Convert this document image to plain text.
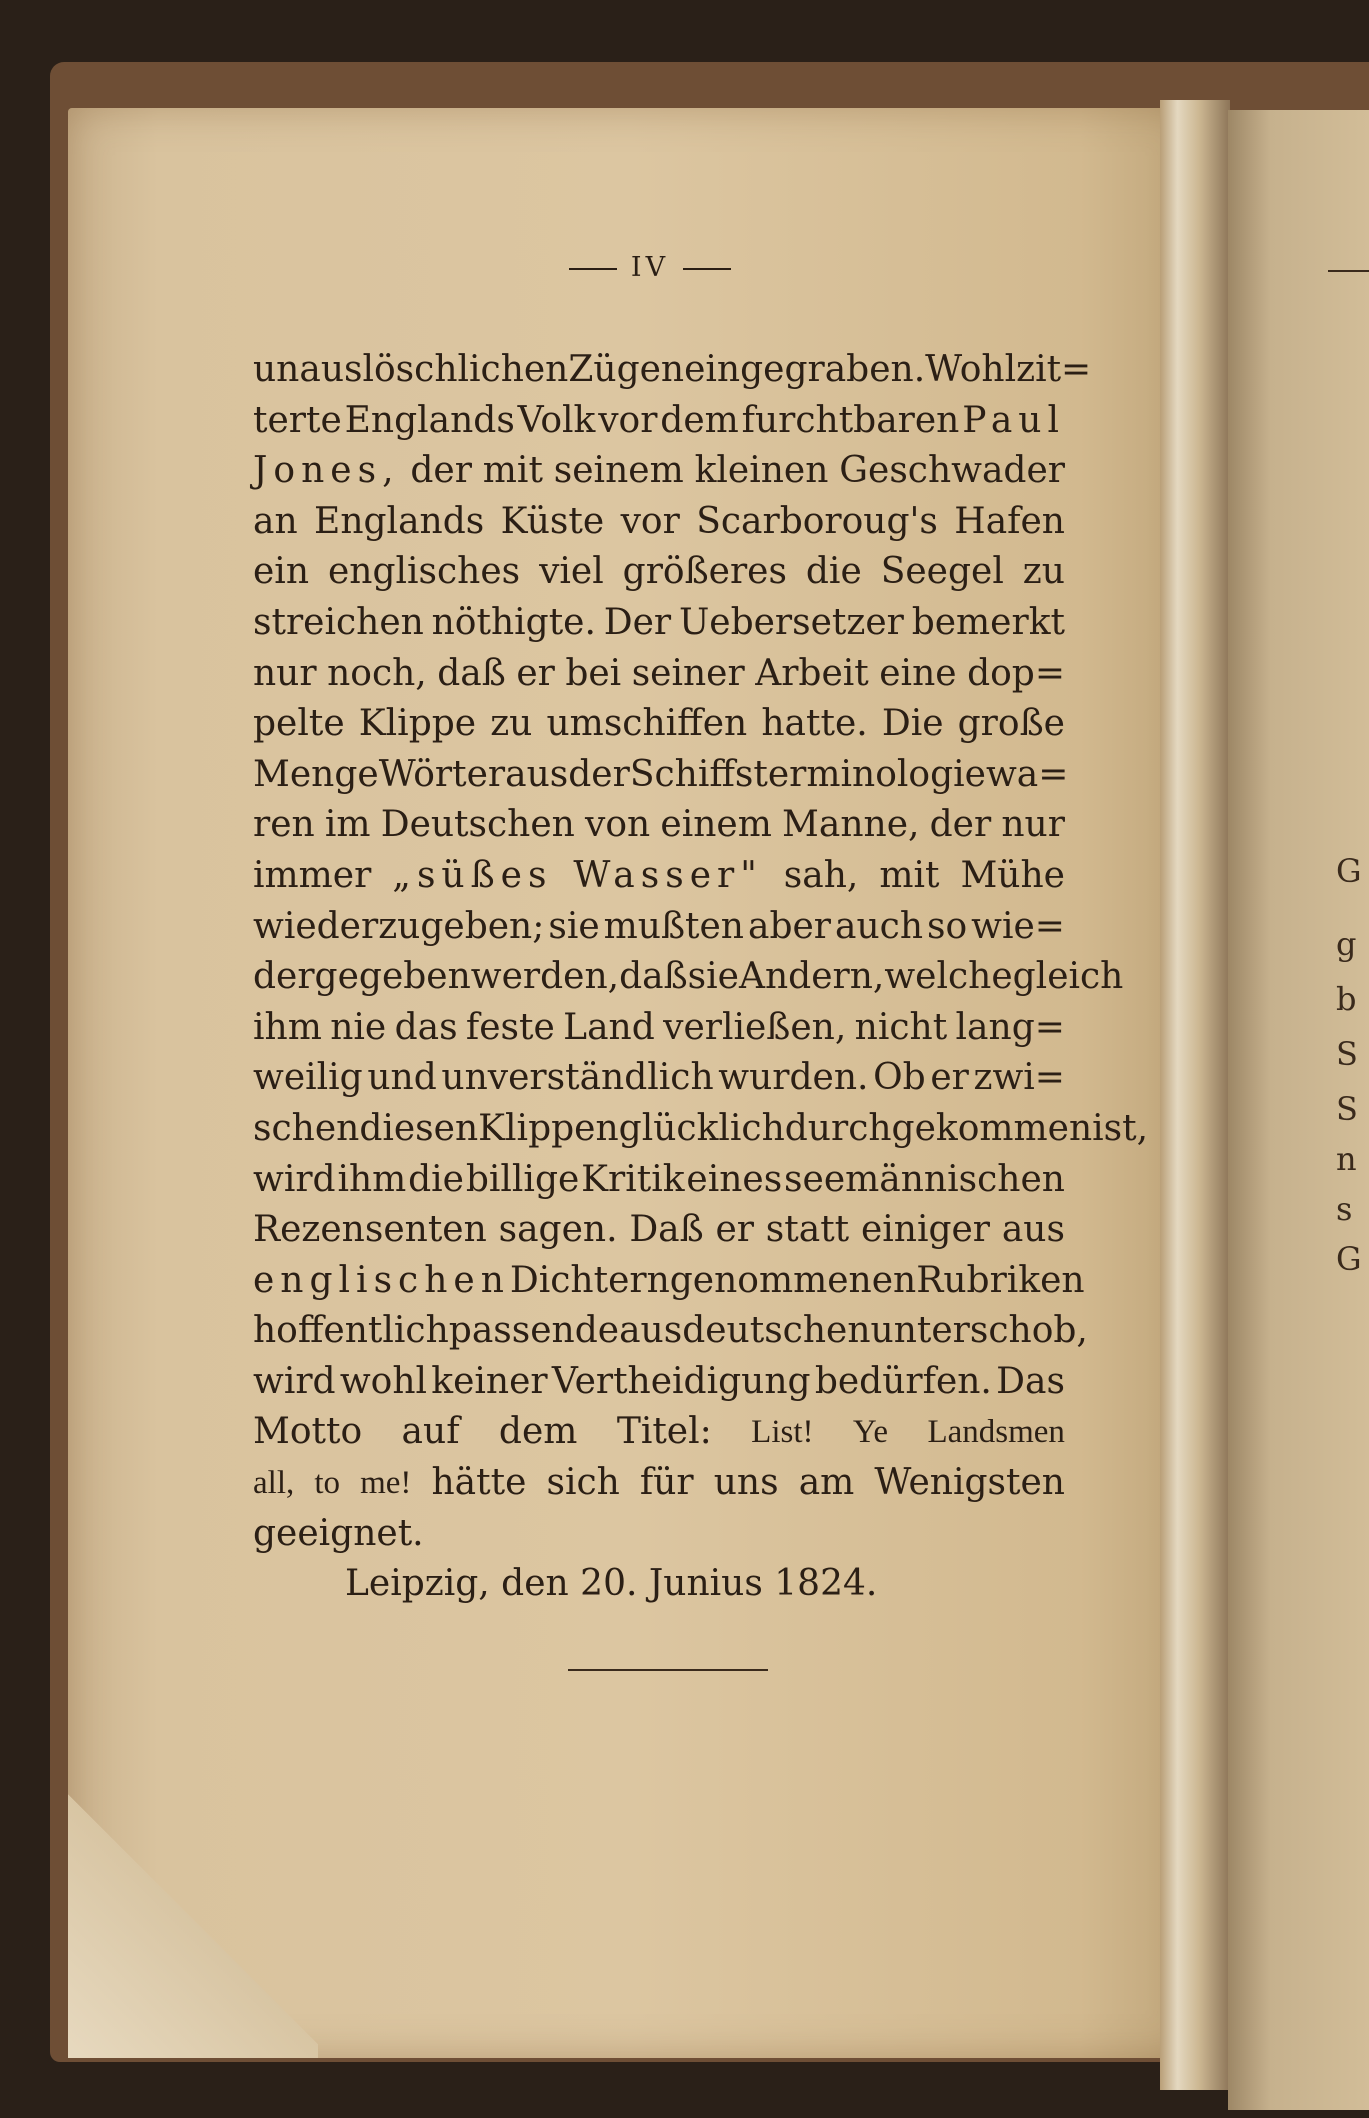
G
g
b
S
S
n
s
G
IV
unauslöschlichen Zügen eingegraben. Wohl zit=
terte Englands Volk vor dem furchtbaren Paul
Jones, der mit seinem kleinen Geschwader
an Englands Küste vor Scarboroug's Hafen
ein englisches viel größeres die Seegel zu
streichen nöthigte. Der Uebersetzer bemerkt
nur noch, daß er bei seiner Arbeit eine dop=
pelte Klippe zu umschiffen hatte. Die große
Menge Wörter aus der Schiffsterminologie wa=
ren im Deutschen von einem Manne, der nur
immer „süßes Wasser" sah, mit Mühe
wiederzugeben; sie mußten aber auch so wie=
dergegeben werden, daß sie Andern, welche gleich
ihm nie das feste Land verließen, nicht lang=
weilig und unverständlich wurden. Ob er zwi=
schen diesen Klippen glücklich durchgekommen ist,
wird ihm die billige Kritik eines seemännischen
Rezensenten sagen. Daß er statt einiger aus
englischen Dichtern genommenen Rubriken
hoffentlich passende aus deutschen unterschob,
wird wohl keiner Vertheidigung bedürfen. Das
Motto auf dem Titel: List! Ye Landsmen
all, to me! hätte sich für uns am Wenigsten
geeignet.
Leipzig, den 20. Junius 1824.
